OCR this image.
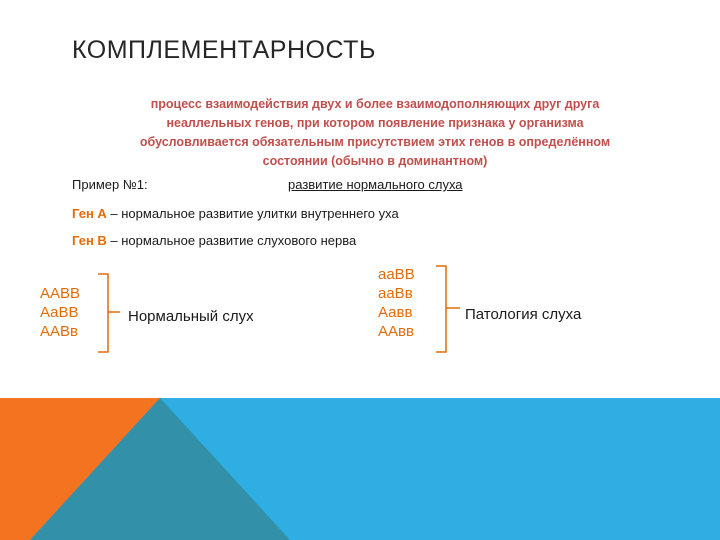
КОМПЛЕМЕНТАРНОСТЬ
процесс взаимодействия двух и более взаимодополняющих друг друга
неаллельных генов, при котором появление признака у организма
обусловливается обязательным присутствием этих генов в определённом
состоянии (обычно в доминантном)
Пример №1:	развитие нормального слуха
Ген А – нормальное развитие улитки внутреннего уха
Ген В – нормальное развитие слухового нерва
ААВВ
АаВВ
ААВв
Нормальный слух
ааВВ
ааВв
Аавв
ААвв
Патология слуха
